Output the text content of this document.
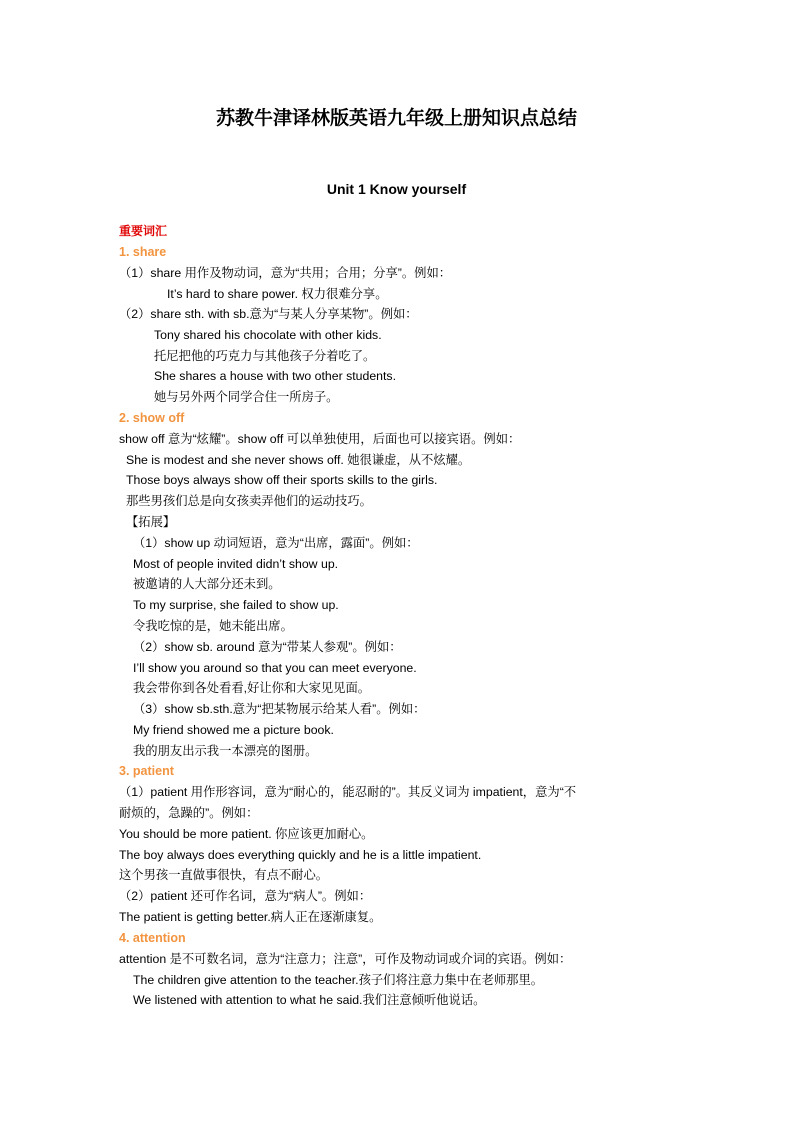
苏教牛津译林版英语九年级上册知识点总结
Unit 1 Know yourself
重要词汇
1. share
（1）share 用作及物动词，意为“共用；合用；分享”。例如：
It’s hard to share power. 权力很难分享。
（2）share sth. with sb.意为“与某人分享某物”。例如：
Tony shared his chocolate with other kids.
托尼把他的巧克力与其他孩子分着吃了。
She shares a house with two other students.
她与另外两个同学合住一所房子。
2. show off
show off 意为“炫耀”。show off 可以单独使用，后面也可以接宾语。例如：
She is modest and she never shows off. 她很谦虚，从不炫耀。
Those boys always show off their sports skills to the girls.
那些男孩们总是向女孩卖弄他们的运动技巧。
【拓展】
（1）show up 动词短语，意为“出席，露面”。例如：
Most of people invited didn’t show up.
被邀请的人大部分还未到。
To my surprise, she failed to show up.
令我吃惊的是，她未能出席。
（2）show sb. around 意为“带某人参观”。例如：
I’ll show you around so that you can meet everyone.
我会带你到各处看看,好让你和大家见见面。
（3）show sb.sth.意为“把某物展示给某人看”。例如：
My friend showed me a picture book.
我的朋友出示我一本漂亮的图册。
3. patient
（1）patient 用作形容词，意为“耐心的，能忍耐的”。其反义词为 impatient，意为“不
耐烦的，急躁的”。例如：
You should be more patient. 你应该更加耐心。
The boy always does everything quickly and he is a little impatient.
这个男孩一直做事很快，有点不耐心。
（2）patient 还可作名词，意为“病人”。例如：
The patient is getting better.病人正在逐渐康复。
4. attention
attention 是不可数名词，意为“注意力；注意”，可作及物动词或介词的宾语。例如：
The children give attention to the teacher.孩子们将注意力集中在老师那里。
We listened with attention to what he said.我们注意倾听他说话。
